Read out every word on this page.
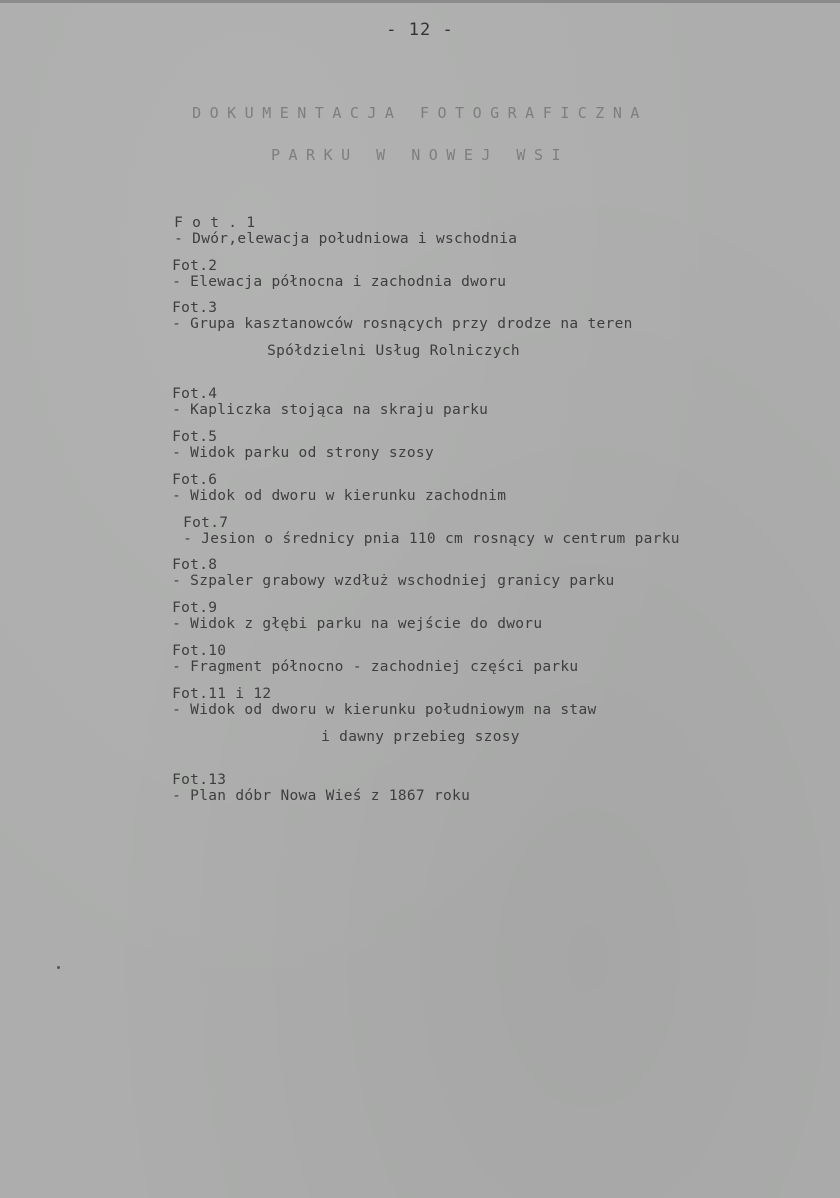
- 12 -
DOKUMENTACJA FOTOGRAFICZNA
PARKU W NOWEJ WSI

F o t . 1
- Dwór,elewacja południowa i wschodnia

Fot.2
- Elewacja północna i zachodnia dworu

Fot.3
- Grupa kasztanowców rosnących przy drodze na teren

Spółdzielni Usług Rolniczych

Fot.4
- Kapliczka stojąca na skraju parku

Fot.5
- Widok parku od strony szosy

Fot.6
- Widok od dworu w kierunku zachodnim

Fot.7
- Jesion o średnicy pnia 110 cm rosnący w centrum parku

Fot.8
- Szpaler grabowy wzdłuż wschodniej granicy parku

Fot.9
- Widok z głębi parku na wejście do dworu

Fot.10
- Fragment północno - zachodniej części parku

Fot.11 i 12
- Widok od dworu w kierunku południowym na staw

i dawny przebieg szosy

Fot.13
- Plan dóbr Nowa Wieś z 1867 roku
